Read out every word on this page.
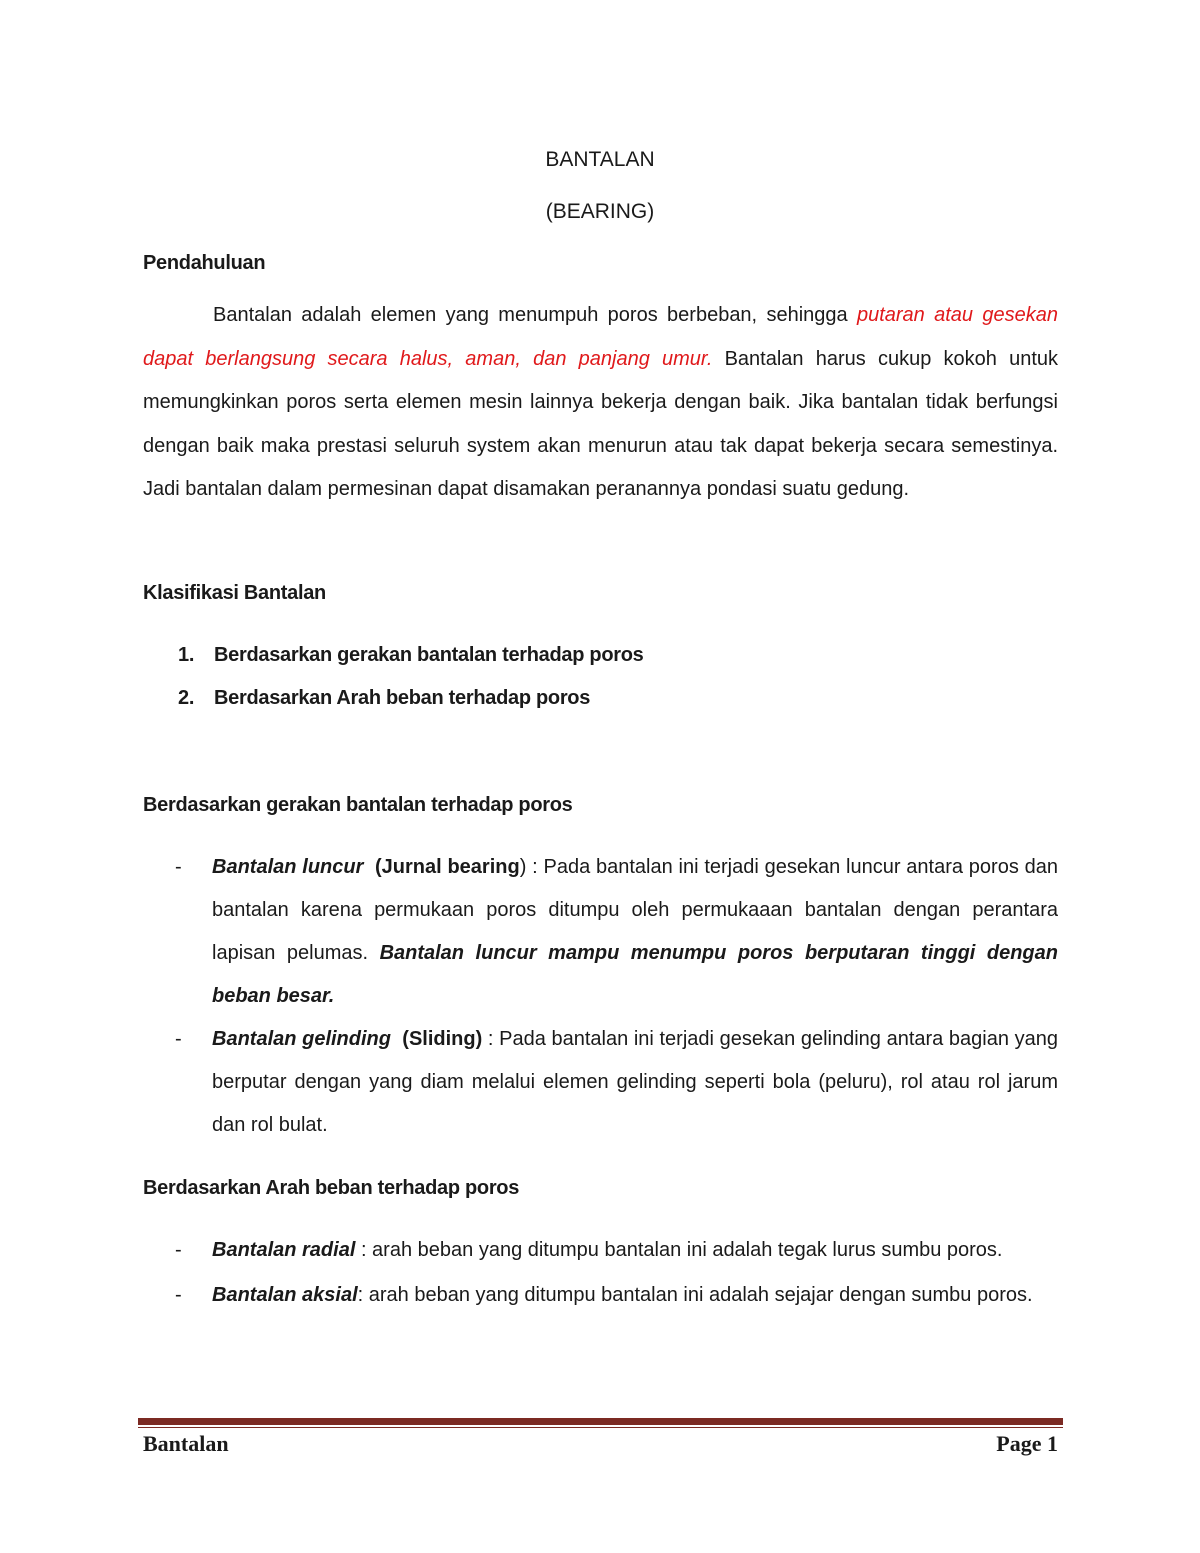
BANTALAN
(BEARING)
Pendahuluan
Bantalan adalah elemen yang menumpuh poros berbeban, sehingga putaran atau gesekan dapat berlangsung secara halus, aman, dan panjang umur. Bantalan harus cukup kokoh untuk memungkinkan poros serta elemen mesin lainnya bekerja dengan baik. Jika bantalan tidak berfungsi dengan baik maka prestasi seluruh system akan menurun atau tak dapat bekerja secara semestinya. Jadi bantalan dalam permesinan dapat disamakan peranannya pondasi suatu gedung.
Klasifikasi Bantalan
1. Berdasarkan gerakan bantalan terhadap poros
2. Berdasarkan Arah beban terhadap poros
Berdasarkan gerakan bantalan terhadap poros
- Bantalan luncur (Jurnal bearing) : Pada bantalan ini terjadi gesekan luncur antara poros dan bantalan karena permukaan poros ditumpu oleh permukaaan bantalan dengan perantara lapisan pelumas. Bantalan luncur mampu menumpu poros berputaran tinggi dengan beban besar.
- Bantalan gelinding (Sliding) : Pada bantalan ini terjadi gesekan gelinding antara bagian yang berputar dengan yang diam melalui elemen gelinding seperti bola (peluru), rol atau rol jarum dan rol bulat.
Berdasarkan Arah beban terhadap poros
- Bantalan radial : arah beban yang ditumpu bantalan ini adalah tegak lurus sumbu poros.
- Bantalan aksial: arah beban yang ditumpu bantalan ini adalah sejajar dengan sumbu poros.
Bantalan	Page 1
